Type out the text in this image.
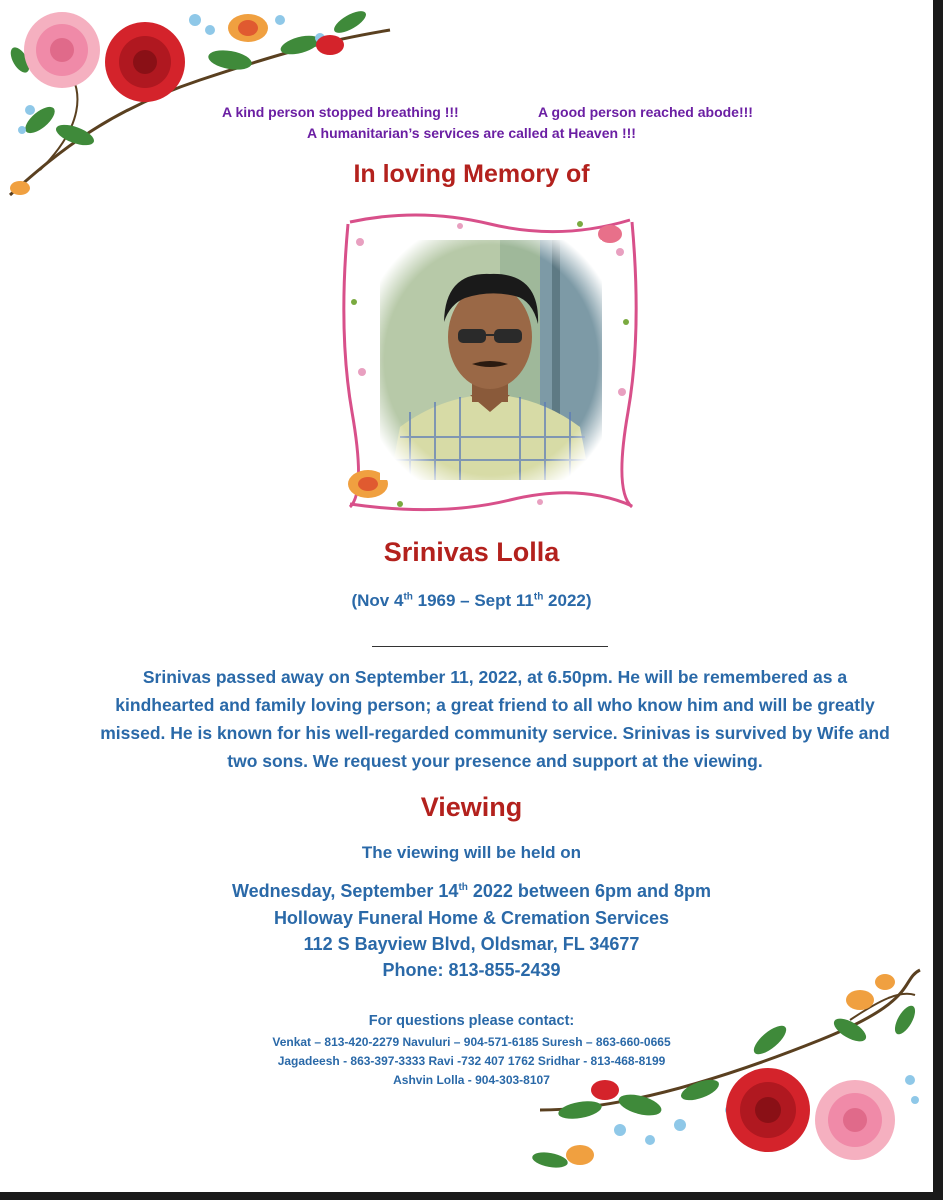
A kind person stopped breathing !!!	A good person reached abode!!!
A humanitarian’s services are called at Heaven !!!
In loving Memory of
Srinivas Lolla
(Nov 4th 1969 – Sept 11th 2022)
Srinivas passed away on September 11, 2022, at 6.50pm. He will be remembered as a kindhearted and family loving person; a great friend to all who know him and will be greatly missed. He is known for his well-regarded community service. Srinivas is survived by Wife and two sons. We request your presence and support at the viewing.
Viewing
The viewing will be held on
Wednesday, September 14th 2022 between 6pm and 8pm
Holloway Funeral Home & Cremation Services
112 S Bayview Blvd, Oldsmar, FL 34677
Phone: 813-855-2439
For questions please contact:
Venkat – 813-420-2279 Navuluri – 904-571-6185 Suresh – 863-660-0665
Jagadeesh - 863-397-3333 Ravi -732 407 1762 Sridhar - 813-468-8199
Ashvin Lolla - 904-303-8107
